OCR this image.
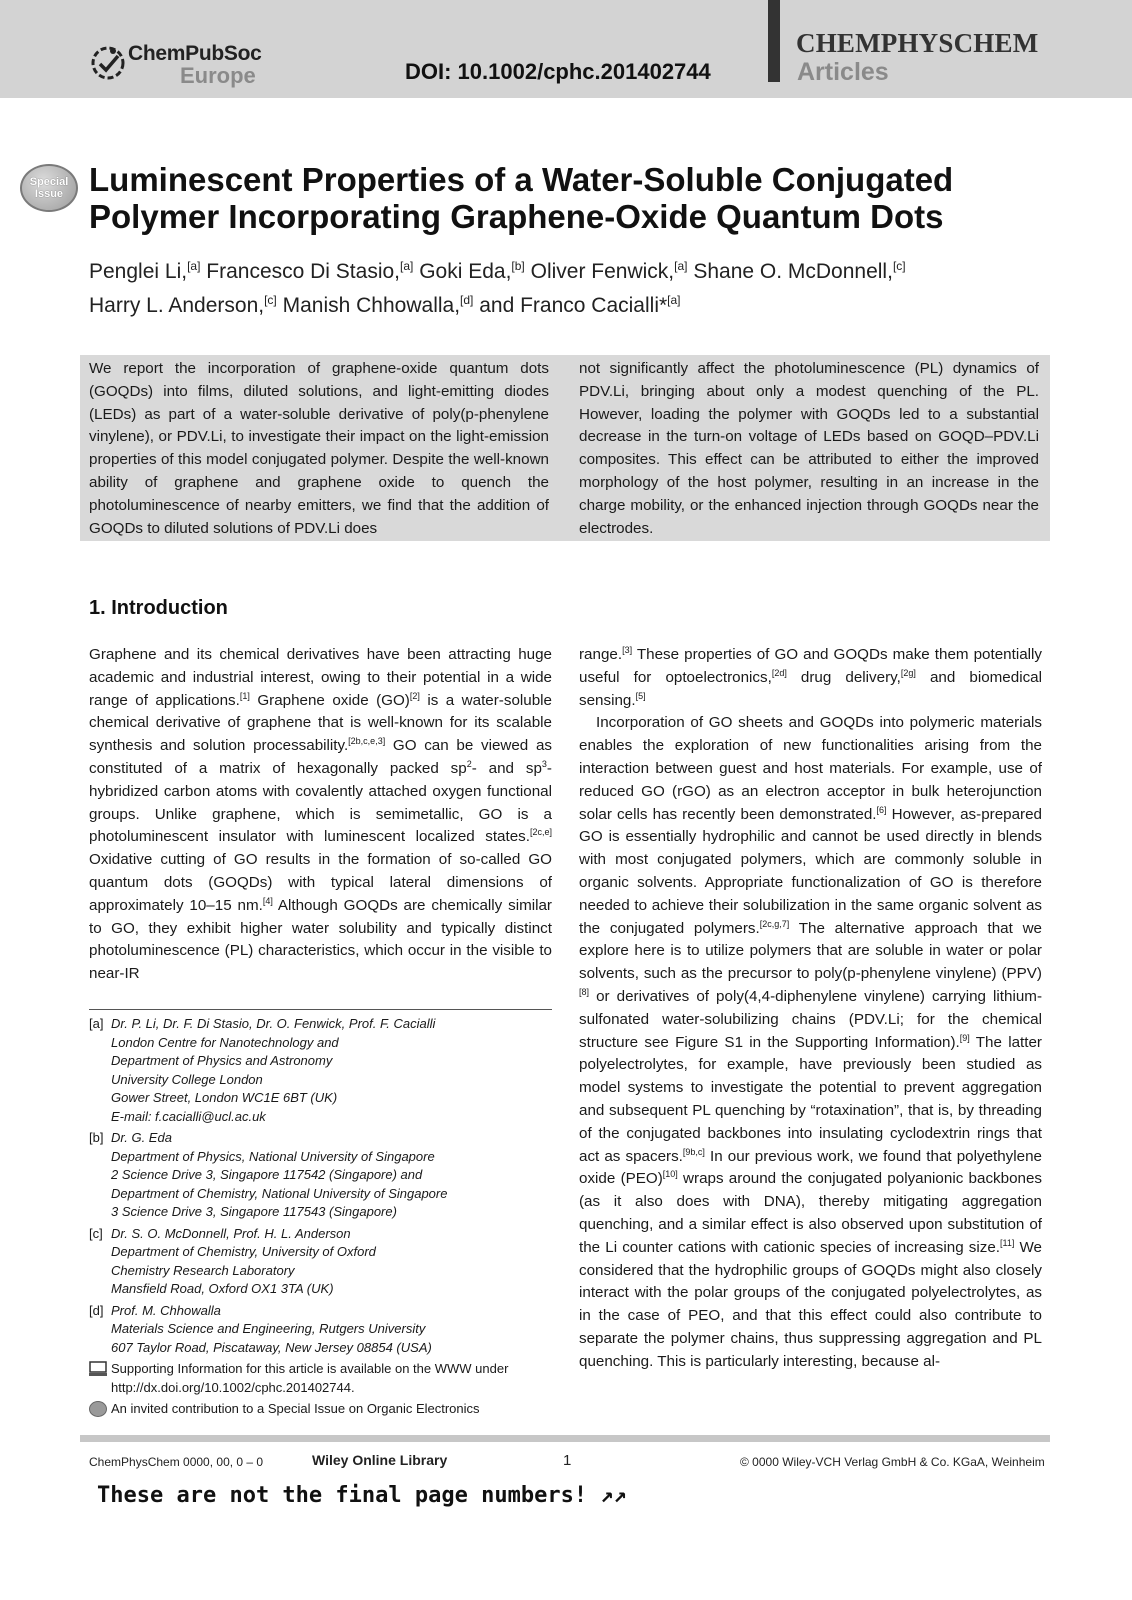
ChemPubSoc
Europe	DOI: 10.1002/cphc.201402744
CHEMPHYSCHEM
Articles
Special
Issue Luminescent Properties of a Water-Soluble Conjugated
Polymer Incorporating Graphene-Oxide Quantum Dots
Penglei Li,[a] Francesco Di Stasio,[a] Goki Eda,[b] Oliver Fenwick,[a] Shane O. McDonnell,[c]
Harry L. Anderson,[c] Manish Chhowalla,[d] and Franco Cacialli*[a]
We report the incorporation of graphene-oxide quantum dots (GOQDs) into films, diluted solutions, and light-emitting diodes (LEDs) as part of a water-soluble derivative of poly(p-phenylene vinylene), or PDV.Li, to investigate their impact on the light-emission properties of this model conjugated polymer. Despite the well-known ability of graphene and graphene oxide to quench the photoluminescence of nearby emitters, we find that the addition of GOQDs to diluted solutions of PDV.Li does
not significantly affect the photoluminescence (PL) dynamics of PDV.Li, bringing about only a modest quenching of the PL. However, loading the polymer with GOQDs led to a substantial decrease in the turn-on voltage of LEDs based on GOQD–PDV.Li composites. This effect can be attributed to either the improved morphology of the host polymer, resulting in an increase in the charge mobility, or the enhanced injection through GOQDs near the electrodes.
1. Introduction
Graphene and its chemical derivatives have been attracting huge academic and industrial interest, owing to their potential in a wide range of applications.[1] Graphene oxide (GO)[2] is a water-soluble chemical derivative of graphene that is well-known for its scalable synthesis and solution processability.[2b,c,e,3] GO can be viewed as constituted of a matrix of hexagonally packed $sp^2-$ and $sp^3$-hybridized carbon atoms with covalently attached oxygen functional groups. Unlike graphene, which is semimetallic, GO is a photoluminescent insulator with luminescent localized states.[2c,e] Oxidative cutting of GO results in the formation of so-called GO quantum dots (GOQDs) with typical lateral dimensions of approximately 10–15 nm.[4] Although GOQDs are chemically similar to GO, they exhibit higher water solubility and typically distinct photoluminescence (PL) characteristics, which occur in the visible to near-IR
range.[3] These properties of GO and GOQDs make them potentially useful for optoelectronics,[2d] drug delivery,[2g] and biomedical sensing.[5]
Incorporation of GO sheets and GOQDs into polymeric materials enables the exploration of new functionalities arising from the interaction between guest and host materials. For example, use of reduced GO (rGO) as an electron acceptor in bulk heterojunction solar cells has recently been demonstrated.[6] However, as-prepared GO is essentially hydrophilic and cannot be used directly in blends with most conjugated polymers, which are commonly soluble in organic solvents. Appropriate functionalization of GO is therefore needed to achieve their solubilization in the same organic solvent as the conjugated polymers.[2c,g,7] The alternative approach that we explore here is to utilize polymers that are soluble in water or polar solvents, such as the precursor to poly(p-phenylene vinylene) (PPV)[8] or derivatives of poly(4,4-diphenylene vinylene) carrying lithium-sulfonated water-solubilizing chains (PDV.Li; for the chemical structure see Figure S1 in the Supporting Information).[9] The latter polyelectrolytes, for example, have previously been studied as model systems to investigate the potential to prevent aggregation and subsequent PL quenching by “rotaxination”, that is, by threading of the conjugated backbones into insulating cyclodextrin rings that act as spacers.[9b,c] In our previous work, we found that polyethylene oxide (PEO)[10] wraps around the conjugated polyanionic backbones (as it also does with DNA), thereby mitigating aggregation quenching, and a similar effect is also observed upon substitution of the Li counter cations with cationic species of increasing size.[11] We considered that the hydrophilic groups of GOQDs might also closely interact with the polar groups of the conjugated polyelectrolytes, as in the case of PEO, and that this effect could also contribute to separate the polymer chains, thus suppressing aggregation and PL quenching. This is particularly interesting, because al-
[a] Dr. P. Li, Dr. F. Di Stasio, Dr. O. Fenwick, Prof. F. Cacialli
London Centre for Nanotechnology and
Department of Physics and Astronomy
University College London
Gower Street, London WC1E 6BT (UK)
E-mail: f.cacialli@ucl.ac.uk
[b] Dr. G. Eda
Department of Physics, National University of Singapore
2 Science Drive 3, Singapore 117542 (Singapore) and
Department of Chemistry, National University of Singapore
3 Science Drive 3, Singapore 117543 (Singapore)
[c] Dr. S. O. McDonnell, Prof. H. L. Anderson
Department of Chemistry, University of Oxford
Chemistry Research Laboratory
Mansfield Road, Oxford OX1 3TA (UK)
[d] Prof. M. Chhowalla
Materials Science and Engineering, Rutgers University
607 Taylor Road, Piscataway, New Jersey 08854 (USA)
Supporting Information for this article is available on the WWW under http://dx.doi.org/10.1002/cphc.201402744.
An invited contribution to a Special Issue on Organic Electronics
ChemPhysChem 0000, 00, 0 – 0	Wiley Online Library	1	© 0000 Wiley-VCH Verlag GmbH & Co. KGaA, Weinheim
These are not the final page numbers! ↗↗
